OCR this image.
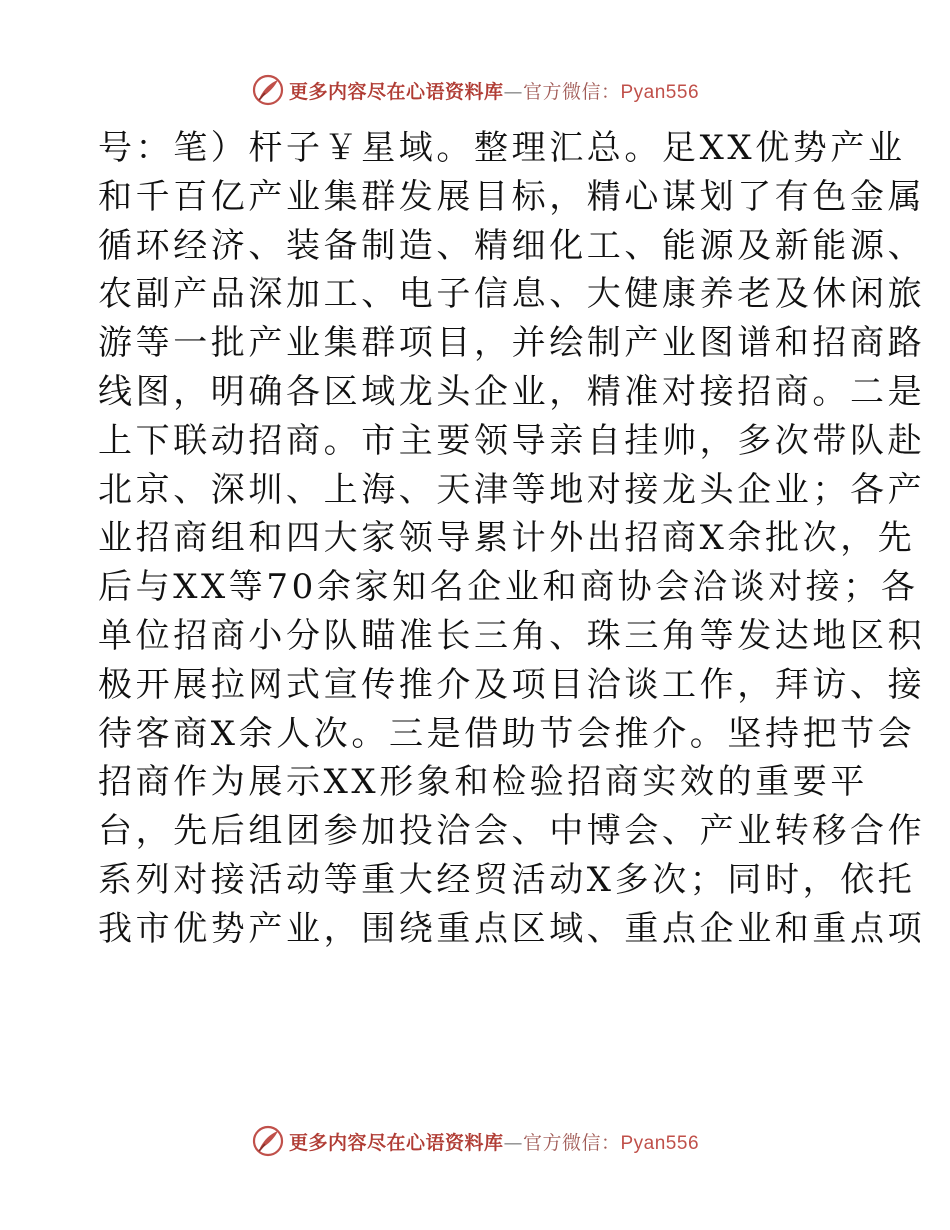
更多内容尽在心语资料库—官方微信：Pyan556
号：笔）杆子￥星域。整理汇总。足XX优势产业
和千百亿产业集群发展目标，精心谋划了有色金属
循环经济、装备制造、精细化工、能源及新能源、
农副产品深加工、电子信息、大健康养老及休闲旅
游等一批产业集群项目，并绘制产业图谱和招商路
线图，明确各区域龙头企业，精准对接招商。二是
上下联动招商。市主要领导亲自挂帅，多次带队赴
北京、深圳、上海、天津等地对接龙头企业；各产
业招商组和四大家领导累计外出招商X余批次，先
后与XX等70余家知名企业和商协会洽谈对接；各
单位招商小分队瞄准长三角、珠三角等发达地区积
极开展拉网式宣传推介及项目洽谈工作，拜访、接
待客商X余人次。三是借助节会推介。坚持把节会
招商作为展示XX形象和检验招商实效的重要平
台，先后组团参加投洽会、中博会、产业转移合作
系列对接活动等重大经贸活动X多次；同时，依托
我市优势产业，围绕重点区域、重点企业和重点项
更多内容尽在心语资料库—官方微信：Pyan556
